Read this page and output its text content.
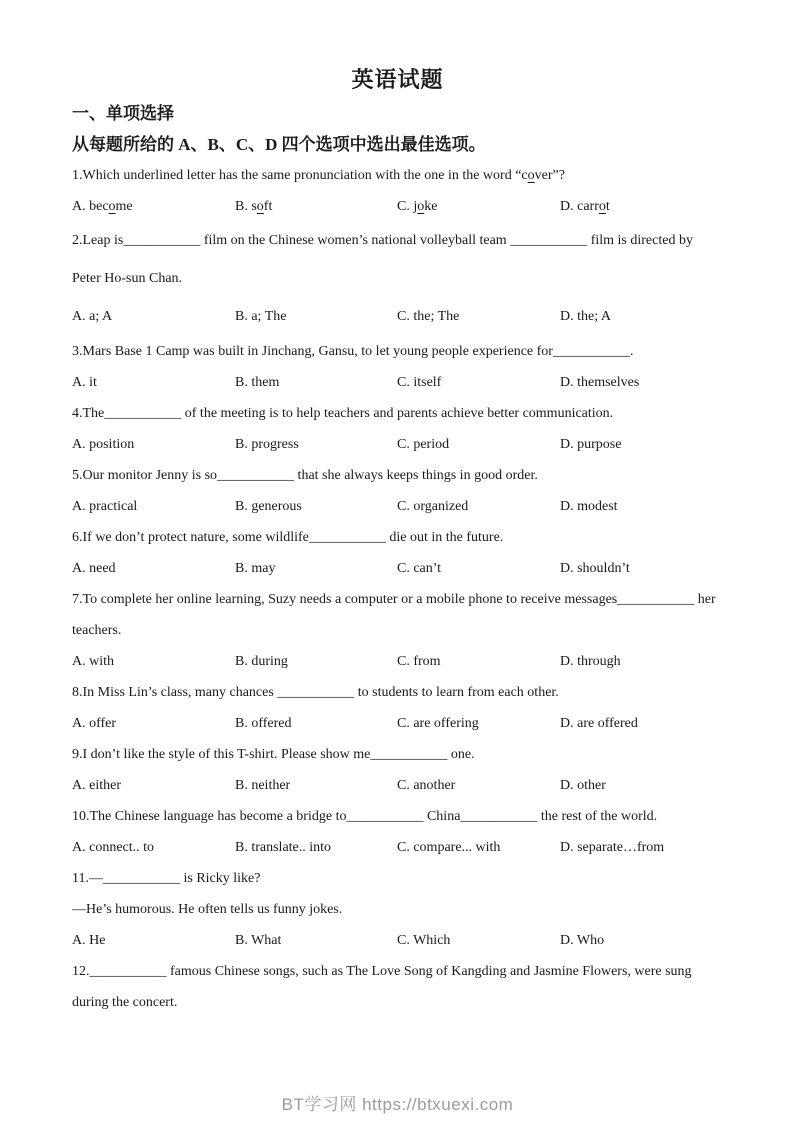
英语试题
一、单项选择
从每题所给的 A、B、C、D 四个选项中选出最佳选项。
1.Which underlined letter has the same pronunciation with the one in the word “cover”?
A. become	B. soft	C. joke	D. carrot
2.Leap is___________ film on the Chinese women’s national volleyball team ___________ film is directed by
Peter Ho-sun Chan.
A. a; A	B. a; The	C. the; The	D. the; A
3.Mars Base 1 Camp was built in Jinchang, Gansu, to let young people experience for___________.
A. it	B. them	C. itself	D. themselves
4.The___________ of the meeting is to help teachers and parents achieve better communication.
A. position	B. progress	C. period	D. purpose
5.Our monitor Jenny is so___________ that she always keeps things in good order.
A. practical	B. generous	C. organized	D. modest
6.If we don’t protect nature, some wildlife___________ die out in the future.
A. need	B. may	C. can’t	D. shouldn’t
7.To complete her online learning, Suzy needs a computer or a mobile phone to receive messages___________ her
teachers.
A. with	B. during	C. from	D. through
8.In Miss Lin’s class, many chances ___________ to students to learn from each other.
A. offer	B. offered	C. are offering	D. are offered
9.I don’t like the style of this T-shirt. Please show me___________ one.
A. either	B. neither	C. another	D. other
10.The Chinese language has become a bridge to___________ China___________ the rest of the world.
A. connect.. to	B. translate.. into	C. compare... with	D. separate…from
11.—___________ is Ricky like?
—He’s humorous. He often tells us funny jokes.
A. He	B. What	C. Which	D. Who
12.___________ famous Chinese songs, such as The Love Song of Kangding and Jasmine Flowers, were sung
during the concert.
BT学习网 https://btxuexi.com
